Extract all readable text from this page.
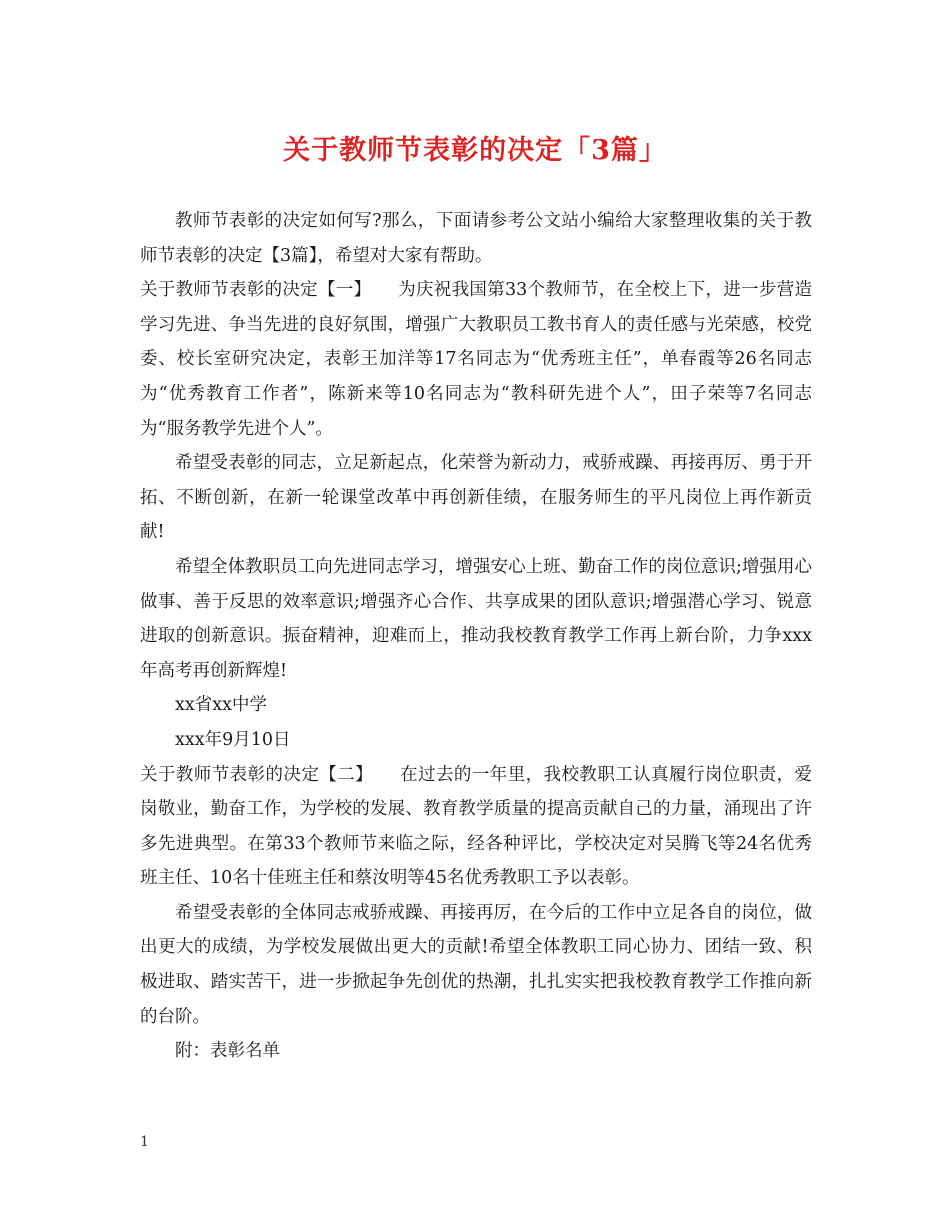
关于教师节表彰的决定「3篇」

教师节表彰的决定如何写?那么，下面请参考公文站小编给大家整理收集的关于教师节表彰的决定【3篇】，希望对大家有帮助。

关于教师节表彰的决定【一】　　为庆祝我国第33个教师节，在全校上下，进一步营造学习先进、争当先进的良好氛围，增强广大教职员工教书育人的责任感与光荣感，校党委、校长室研究决定，表彰王加洋等17名同志为“优秀班主任”，单春霞等26名同志为“优秀教育工作者”，陈新来等10名同志为“教科研先进个人”，田子荣等7名同志为“服务教学先进个人”。

希望受表彰的同志，立足新起点，化荣誉为新动力，戒骄戒躁、再接再厉、勇于开拓、不断创新，在新一轮课堂改革中再创新佳绩，在服务师生的平凡岗位上再作新贡献!

希望全体教职员工向先进同志学习，增强安心上班、勤奋工作的岗位意识;增强用心做事、善于反思的效率意识;增强齐心合作、共享成果的团队意识;增强潜心学习、锐意进取的创新意识。振奋精神，迎难而上，推动我校教育教学工作再上新台阶，力争xxx年高考再创新辉煌!

xx省xx中学

xxx年9月10日

关于教师节表彰的决定【二】　　在过去的一年里，我校教职工认真履行岗位职责，爱岗敬业，勤奋工作，为学校的发展、教育教学质量的提高贡献自己的力量，涌现出了许多先进典型。在第33个教师节来临之际，经各种评比，学校决定对吴腾飞等24名优秀班主任、10名十佳班主任和蔡汝明等45名优秀教职工予以表彰。

希望受表彰的全体同志戒骄戒躁、再接再厉，在今后的工作中立足各自的岗位，做出更大的成绩，为学校发展做出更大的贡献!希望全体教职工同心协力、团结一致、积极进取、踏实苦干，进一步掀起争先创优的热潮，扎扎实实把我校教育教学工作推向新的台阶。

附：表彰名单

1
